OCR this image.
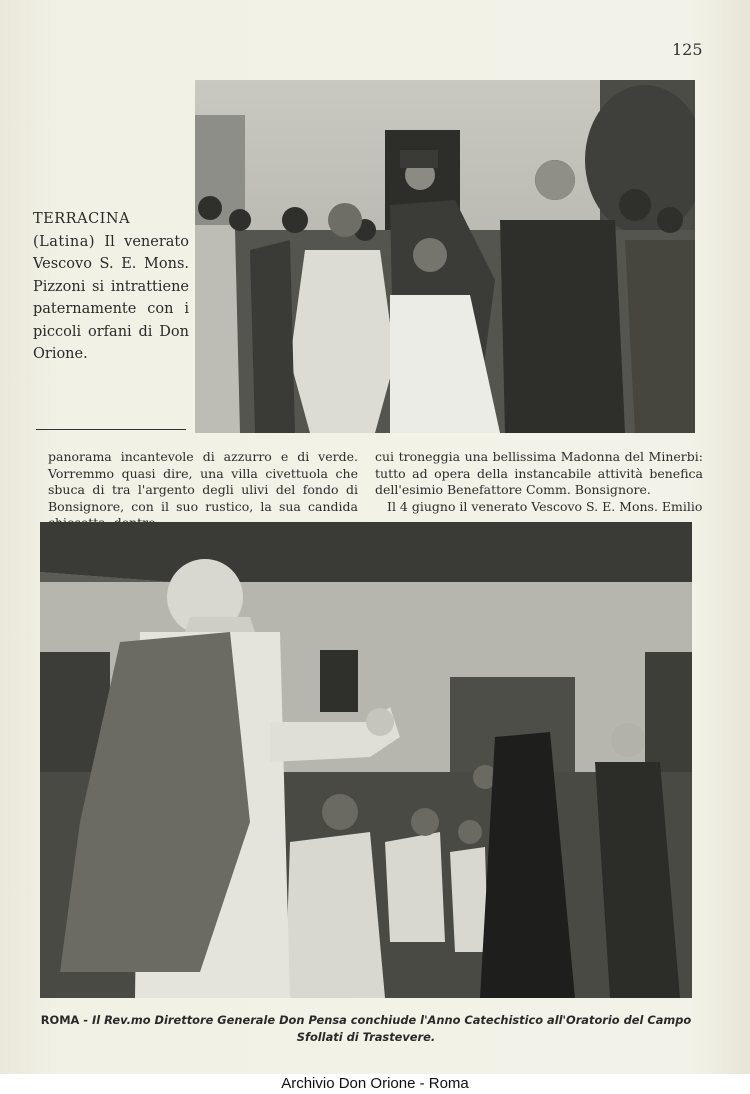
125
TERRACINA (Latina) Il venerato Vescovo S. E. Mons. Pizzoni si intrattiene paternamente con i piccoli orfani di Don Orione.

panorama incantevole di azzurro e di verde. Vorremmo quasi dire, una villa civettuola che sbuca di tra l'argento degli ulivi del fondo di Bonsignore, con il suo rustico, la sua candida

cui troneggia una bellissima Madonna del Minerbi: tutto ad opera della instancabile attività benefica dell'esimio Benefattore Comm. Bonsignore.

Il 4 giugno il venerato Vescovo S. E. Mons. Emilio

ROMA - Il Rev.mo Direttore Generale Don Pensa conchiude l'Anno Catechistico all'Oratorio del Campo Sfollati di Trastevere.
Archivio Don Orione - Roma
